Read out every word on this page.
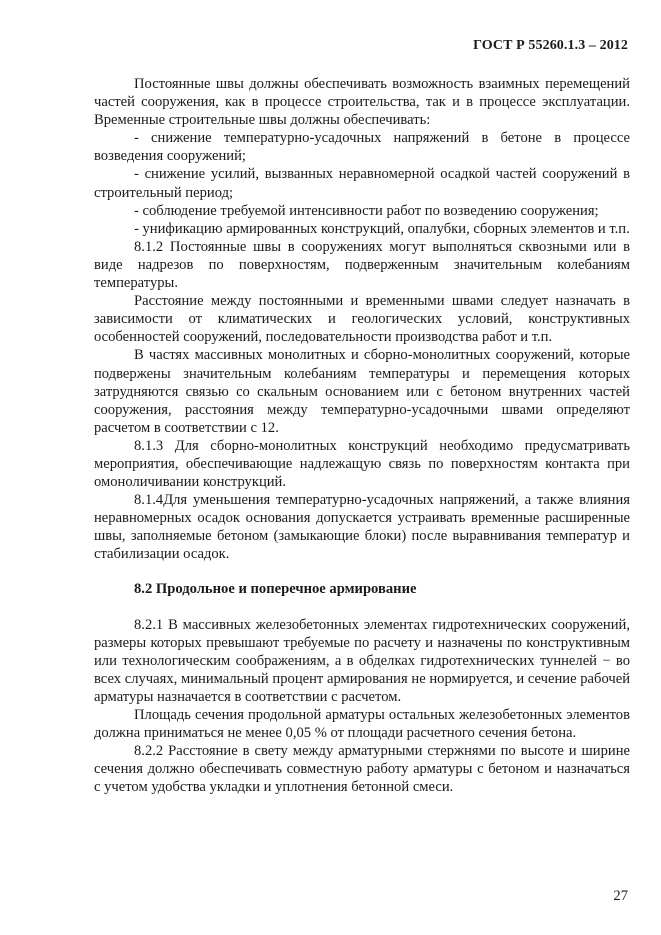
ГОСТ Р 55260.1.3 – 2012

Постоянные швы должны обеспечивать возможность взаимных перемещений частей сооружения, как в процессе строительства, так и в процессе эксплуатации. Временные строительные швы должны обеспечивать:

- снижение температурно-усадочных напряжений в бетоне в процессе возведения сооружений;

- снижение усилий, вызванных неравномерной осадкой частей сооружений в строительный период;

- соблюдение требуемой интенсивности работ по возведению сооружения;

- унификацию армированных конструкций, опалубки, сборных элементов и т.п.

8.1.2 Постоянные швы в сооружениях могут выполняться сквозными или в виде надрезов по поверхностям, подверженным значительным колебаниям температуры.

Расстояние между постоянными и временными швами следует назначать в зависимости от климатических и геологических условий, конструктивных особенностей сооружений, последовательности производства работ и т.п.

В частях массивных монолитных и сборно-монолитных сооружений, которые подвержены значительным колебаниям температуры и перемещения которых затрудняются связью со скальным основанием или с бетоном внутренних частей сооружения, расстояния между температурно-усадочными швами определяют расчетом в соответствии с 12.

8.1.3 Для сборно-монолитных конструкций необходимо предусматривать мероприятия, обеспечивающие надлежащую связь по поверхностям контакта при омоноличивании конструкций.

8.1.4Для уменьшения температурно-усадочных напряжений, а также влияния неравномерных осадок основания допускается устраивать временные расширенные швы, заполняемые бетоном (замыкающие блоки) после выравнивания температур и стабилизации осадок.

8.2 Продольное и поперечное армирование

8.2.1 В массивных железобетонных элементах гидротехнических сооружений, размеры которых превышают требуемые по расчету и назначены по конструктивным или технологическим соображениям, а в обделках гидротехнических туннелей − во всех случаях, минимальный процент армирования не нормируется, и сечение рабочей арматуры назначается в соответствии с расчетом.

Площадь сечения продольной арматуры остальных железобетонных элементов должна приниматься не менее 0,05 % от площади расчетного сечения бетона.

8.2.2 Расстояние в свету между арматурными стержнями по высоте и ширине сечения должно обеспечивать совместную работу арматуры с бетоном и назначаться с учетом удобства укладки и уплотнения бетонной смеси.

27
